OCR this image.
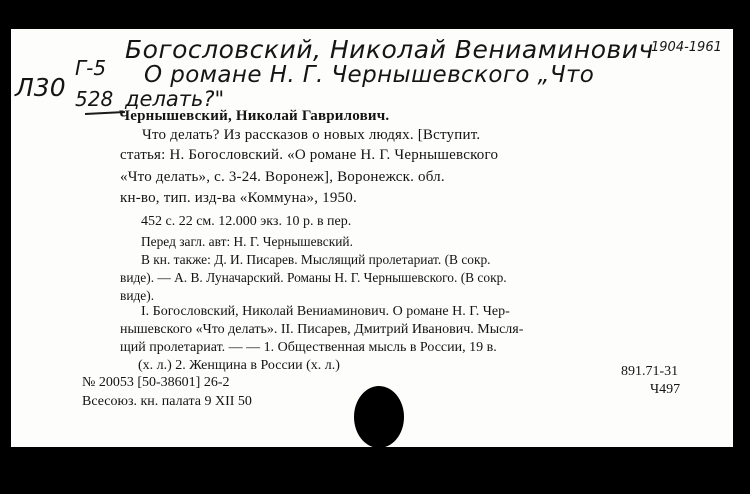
Л30
Г-5
528
Богословский, Николай Вениаминович
1904-1961
О романе Н. Г. Чернышевского „Что
делать?"
Чернышевский, Николай Гаврилович.
Что делать? Из рассказов о новых людях. [Вступит.
статья: Н. Богословский. «О романе Н. Г. Чернышевского
«Что делать», с. 3-24. Воронеж], Воронежск. обл.
кн-во, тип. изд-ва «Коммуна», 1950.
452 с. 22 см. 12.000 экз. 10 р. в пер.
Перед загл. авт: Н. Г. Чернышевский.
В кн. также: Д. И. Писарев. Мыслящий пролетариат. (В сокр.
виде). — А. В. Луначарский. Романы Н. Г. Чернышевского. (В сокр.
виде).
I. Богословский, Николай Вениаминович. О романе Н. Г. Чер-
нышевского «Что делать». II. Писарев, Дмитрий Иванович. Мысля-
щий пролетариат. — — 1. Общественная мысль в России, 19 в.
(х. л.) 2. Женщина в России (х. л.)
№ 20053 [50-38601] 26-2
Всесоюз. кн. палата 9 XII 50
891.71-31
Ч497
